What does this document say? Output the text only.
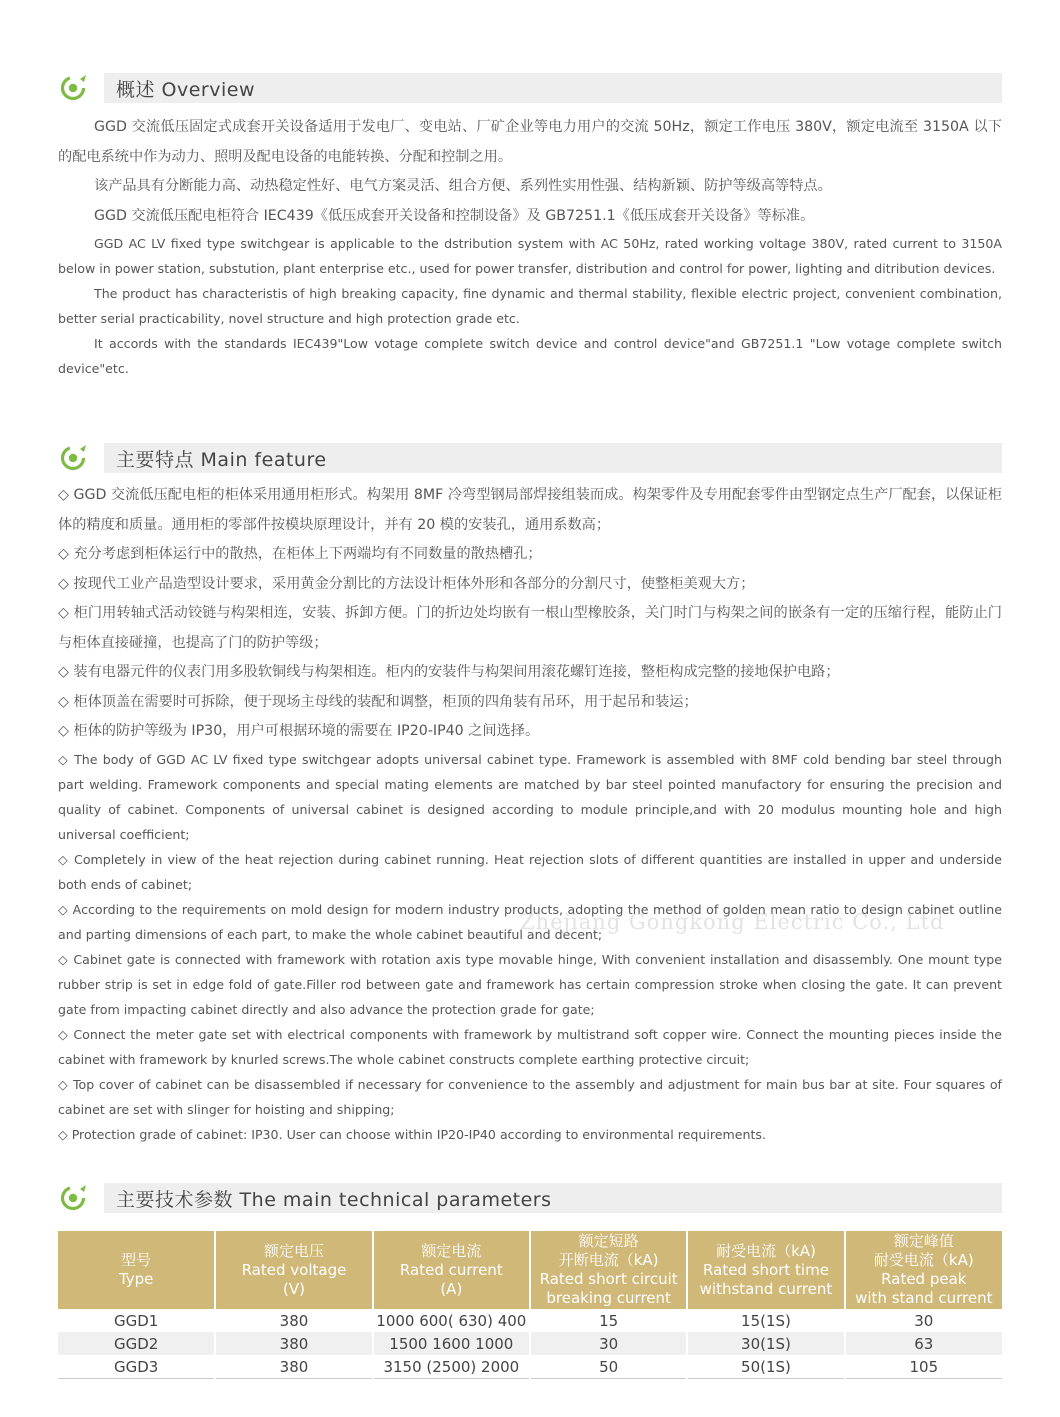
概述 Overview

GGD 交流低压固定式成套开关设备适用于发电厂、变电站、厂矿企业等电力用户的交流 50Hz，额定工作电压 380V，额定电流至 3150A 以下的配电系统中作为动力、照明及配电设备的电能转换、分配和控制之用。

该产品具有分断能力高、动热稳定性好、电气方案灵活、组合方便、系列性实用性强、结构新颖、防护等级高等特点。

GGD 交流低压配电柜符合 IEC439《低压成套开关设备和控制设备》及 GB7251.1《低压成套开关设备》等标准。

GGD AC LV fixed type switchgear is applicable to the dstribution system with AC 50Hz, rated working voltage 380V, rated current to 3150A below in power station, substution, plant enterprise etc., used for power transfer, distribution and control for power, lighting and ditribution devices.

The product has characteristis of high breaking capacity, fine dynamic and thermal stability, flexible electric project, convenient combination, better serial practicability, novel structure and high protection grade etc.

It accords with the standards IEC439"Low votage complete switch device and control device"and GB7251.1 "Low votage complete switch device"etc.

主要特点 Main feature

◇ GGD 交流低压配电柜的柜体采用通用柜形式。构架用 8MF 冷弯型钢局部焊接组装而成。构架零件及专用配套零件由型钢定点生产厂配套，以保证柜体的精度和质量。通用柜的零部件按模块原理设计，并有 20 模的安装孔，通用系数高；

◇ 充分考虑到柜体运行中的散热，在柜体上下两端均有不同数量的散热槽孔；

◇ 按现代工业产品造型设计要求，采用黄金分割比的方法设计柜体外形和各部分的分割尺寸，使整柜美观大方；

◇ 柜门用转轴式活动铰链与构架相连，安装、拆卸方便。门的折边处均嵌有一根山型橡胶条，关门时门与构架之间的嵌条有一定的压缩行程，能防止门与柜体直接碰撞，也提高了门的防护等级；

◇ 装有电器元件的仪表门用多股软铜线与构架相连。柜内的安装件与构架间用滚花螺钉连接，整柜构成完整的接地保护电路；

◇ 柜体顶盖在需要时可拆除，便于现场主母线的装配和调整，柜顶的四角装有吊环，用于起吊和装运；

◇ 柜体的防护等级为 IP30，用户可根据环境的需要在 IP20-IP40 之间选择。

◇ The body of GGD AC LV fixed type switchgear adopts universal cabinet type. Framework is assembled with 8MF cold bending bar steel through part welding. Framework components and special mating elements are matched by bar steel pointed manufactory for ensuring the precision and quality of cabinet. Components of universal cabinet is designed according to module principle,and with 20 modulus mounting hole and high universal coefficient;

◇ Completely in view of the heat rejection during cabinet running. Heat rejection slots of different quantities are installed in upper and underside both ends of cabinet;

◇ According to the requirements on mold design for modern industry products, adopting the method of golden mean ratio to design cabinet outline and parting dimensions of each part, to make the whole cabinet beautiful and decent;

◇ Cabinet gate is connected with framework with rotation axis type movable hinge, With convenient installation and disassembly. One mount type rubber strip is set in edge fold of gate.Filler rod between gate and framework has certain compression stroke when closing the gate. It can prevent gate from impacting cabinet directly and also advance the protection grade for gate;

◇ Connect the meter gate set with electrical components with framework by multistrand soft copper wire. Connect the mounting pieces inside the cabinet with framework by knurled screws.The whole cabinet constructs complete earthing protective circuit;

◇ Top cover of cabinet can be disassembled if necessary for convenience to the assembly and adjustment for main bus bar at site. Four squares of cabinet are set with slinger for hoisting and shipping;

◇ Protection grade of cabinet: IP30. User can choose within IP20-IP40 according to environmental requirements.

Zhejiang Gongkong Electric Co., Ltd
主要技术参数 The main technical parameters
型号
Type	额定电压
Rated voltage
(V)	额定电流
Rated current
(A)	额定短路
开断电流（kA)
Rated short circuit
breaking current	耐受电流（kA)
Rated short time
withstand current	额定峰值
耐受电流（kA)
Rated peak
with stand current

GGD1	380	1000 600( 630) 400	15	15(1S)	30
GGD2	380	1500 1600 1000	30	30(1S)	63
GGD3	380	3150 (2500) 2000	50	50(1S)	105
